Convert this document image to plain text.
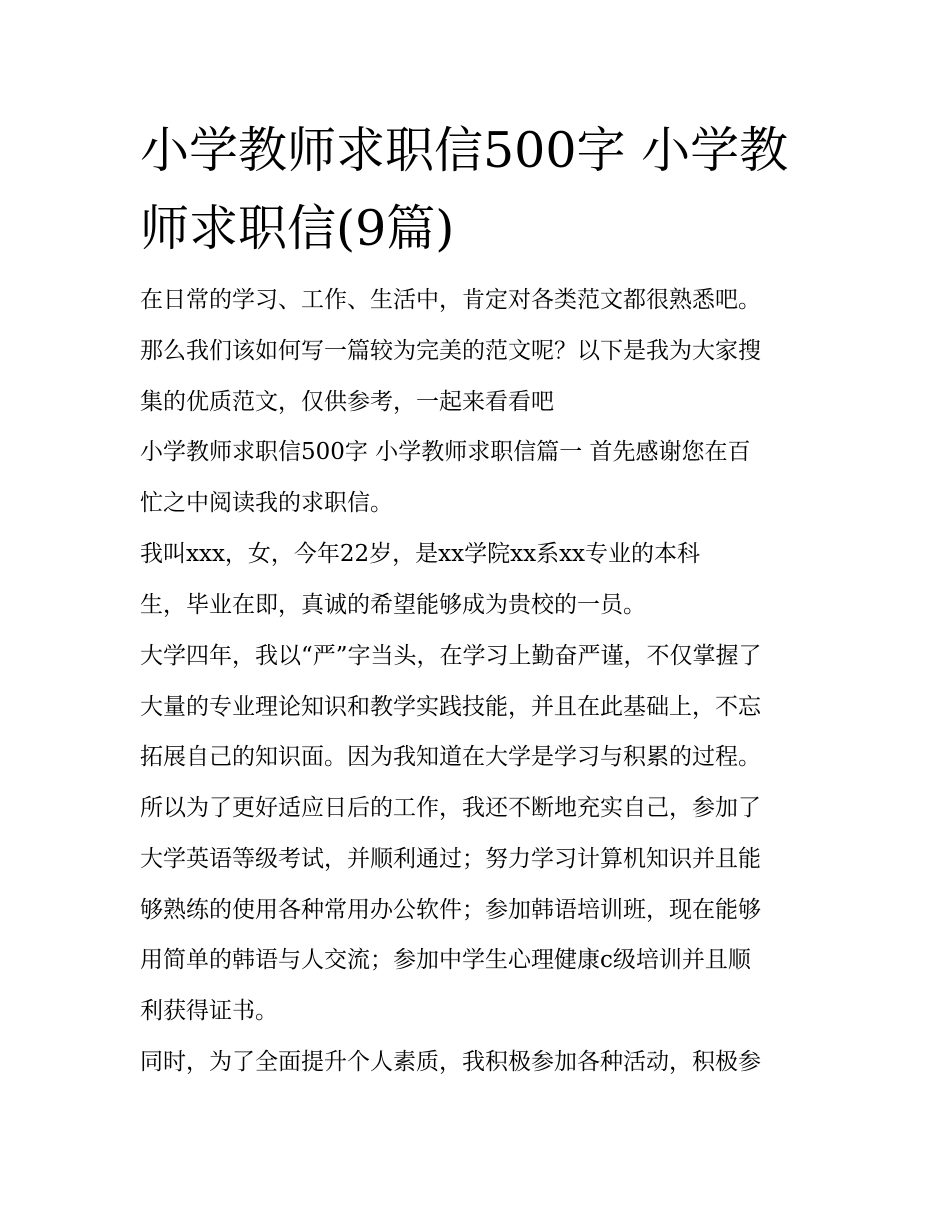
小学教师求职信500字 小学教
师求职信(9篇)
在日常的学习、工作、生活中，肯定对各类范文都很熟悉吧。
那么我们该如何写一篇较为完美的范文呢？以下是我为大家搜
集的优质范文，仅供参考，一起来看看吧
小学教师求职信500字 小学教师求职信篇一 首先感谢您在百
忙之中阅读我的求职信。
我叫xxx，女，今年22岁，是xx学院xx系xx专业的本科
生，毕业在即，真诚的希望能够成为贵校的一员。
大学四年，我以“严”字当头，在学习上勤奋严谨，不仅掌握了
大量的专业理论知识和教学实践技能，并且在此基础上，不忘
拓展自己的知识面。因为我知道在大学是学习与积累的过程。
所以为了更好适应日后的工作，我还不断地充实自己，参加了
大学英语等级考试，并顺利通过；努力学习计算机知识并且能
够熟练的使用各种常用办公软件；参加韩语培训班，现在能够
用简单的韩语与人交流；参加中学生心理健康c级培训并且顺
利获得证书。
同时，为了全面提升个人素质，我积极参加各种活动，积极参
